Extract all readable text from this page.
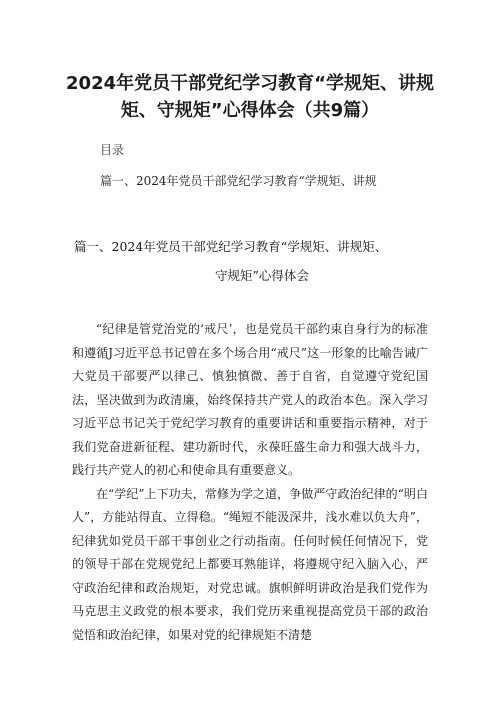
2024年党员干部党纪学习教育“学规矩、讲规矩、守规矩”心得体会（共9篇）
目录
篇一、2024年党员干部党纪学习教育“学规矩、讲规
篇一、2024年党员干部党纪学习教育“学规矩、讲规矩、
守规矩”心得体会

“纪律是管党治党的‘戒尺’，也是党员干部约束自身行为的标准和遵循J习近平总书记曾在多个场合用“戒尺”这一形象的比喻告诫广大党员干部要严以律己、慎独慎微、善于自省，自觉遵守党纪国法，坚决做到为政清廉，始终保持共产党人的政治本色。深入学习习近平总书记关于党纪学习教育的重要讲话和重要指示精神，对于我们党奋进新征程、建功新时代，永葆旺盛生命力和强大战斗力，践行共产党人的初心和使命具有重要意义。

在“学纪”上下功夫，常修为学之道，争做严守政治纪律的“明白人”，方能站得直、立得稳。“绳短不能汲深井，浅水难以负大舟”，纪律犹如党员干部干事创业之行动指南。任何时候任何情况下，党的领导干部在党规党纪上都要耳熟能详，将遵规守纪入脑入心，严守政治纪律和政治规矩，对党忠诚。旗帜鲜明讲政治是我们党作为马克思主义政党的根本要求，我们党历来重视提高党员干部的政治觉悟和政治纪律，如果对党的纪律规矩不清楚
